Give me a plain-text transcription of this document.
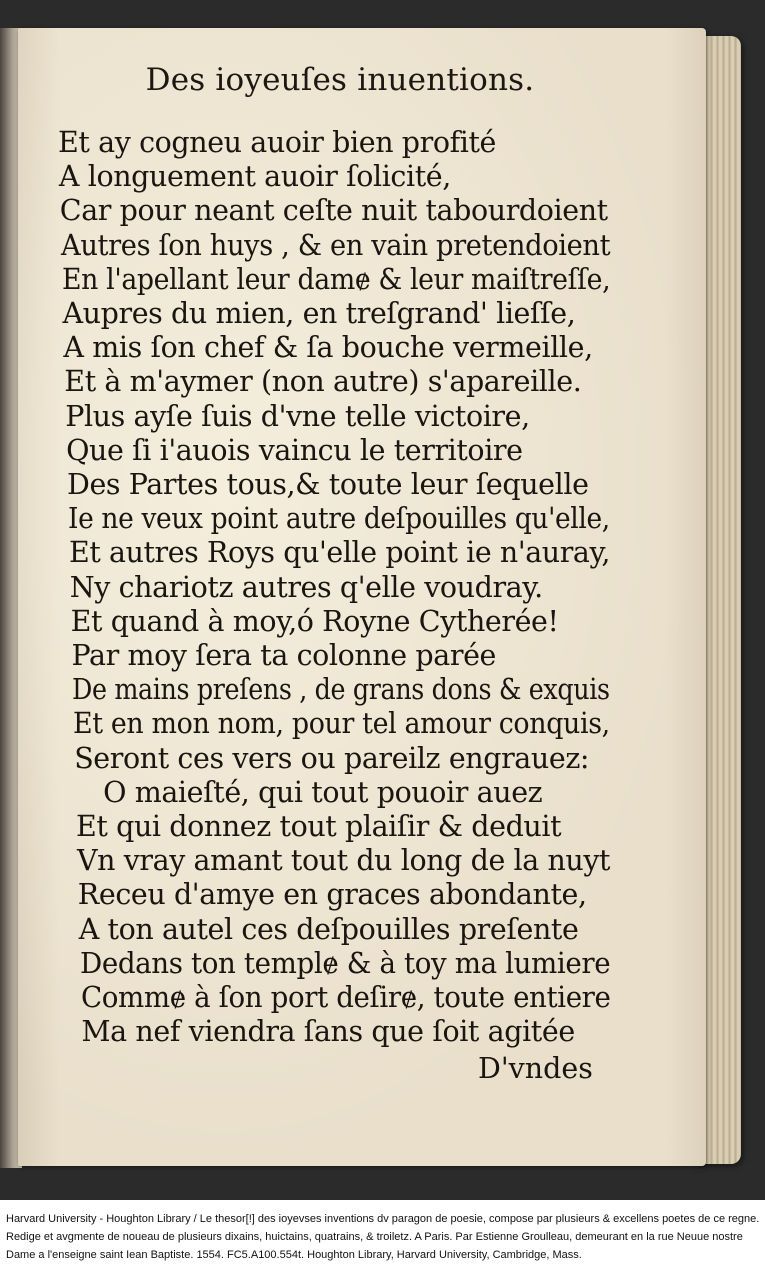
Des ioyeuſes inuentions.
Et ay cogneu auoir bien profité
A longuement auoir ſolicité,
Car pour neant ceſte nuit tabourdoient
Autres ſon huys , & en vain pretendoient
En l'apellant leur damɇ & leur maiſtreſſe,
Aupres du mien, en treſgrand' lieſſe,
A mis ſon chef & ſa bouche vermeille,
Et à m'aymer (non autre) s'apareille.
Plus ayſe ſuis d'vne telle victoire,
Que ſi i'auois vaincu le territoire
Des Partes tous,& toute leur ſequelle
Ie ne veux point autre deſpouilles qu'elle,
Et autres Roys qu'elle point ie n'auray,
Ny chariotz autres q'elle voudray.
Et quand à moy,ó Royne Cytherée!
Par moy ſera ta colonne parée
De mains preſens , de grans dons & exquis
Et en mon nom, pour tel amour conquis,
Seront ces vers ou pareilz engrauez:
O maieſté, qui tout pouoir auez
Et qui donnez tout plaiſir & deduit
Vn vray amant tout du long de la nuyt
Receu d'amye en graces abondante,
A ton autel ces deſpouilles preſente
Dedans ton templɇ & à toy ma lumiere
Commɇ à ſon port deſirɇ, toute entiere
Ma nef viendra ſans que ſoit agitée
D'vndes
Harvard University - Houghton Library / Le thesor[!] des ioyevses inventions dv paragon de poesie, compose par plusieurs & excellens poetes de ce regne. Redige et avgmente de noueau de plusieurs dixains, huictains, quatrains, & troiletz. A Paris. Par Estienne Groulleau, demeurant en la rue Neuue nostre Dame a l'enseigne saint Iean Baptiste. 1554. FC5.A100.554t. Houghton Library, Harvard University, Cambridge, Mass.
